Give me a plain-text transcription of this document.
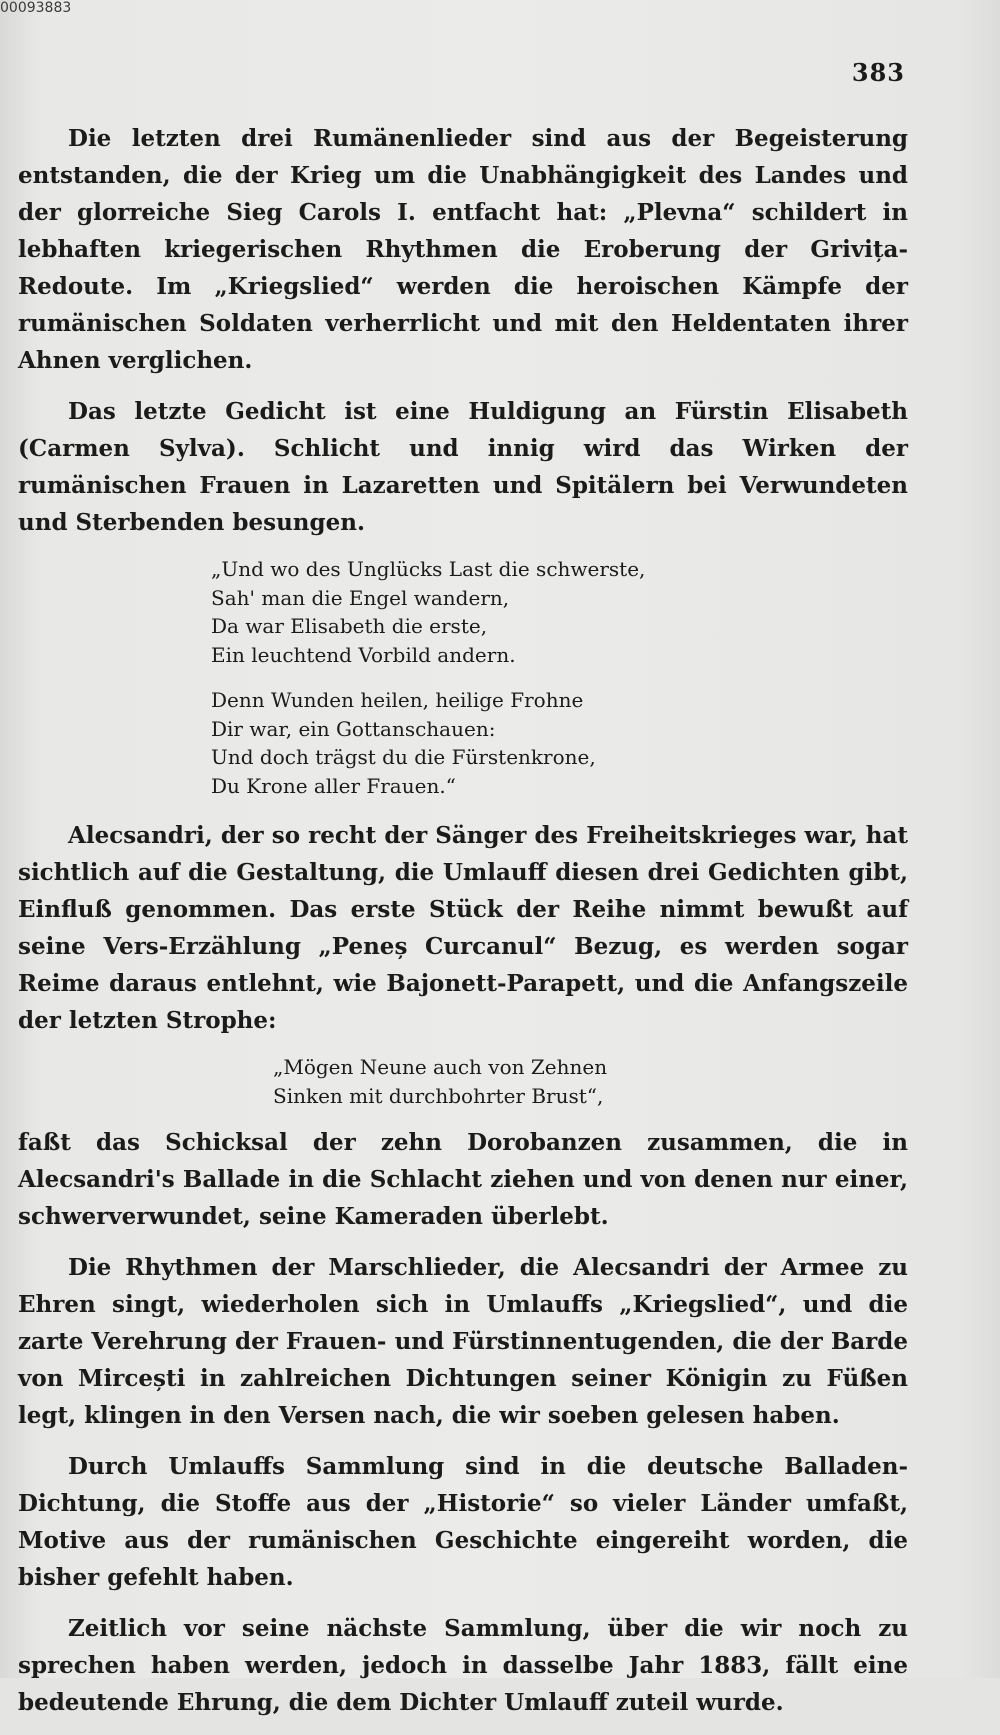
00093883
383

Die letzten drei Rumänenlieder sind aus der Begeisterung entstanden, die der Krieg um die Unabhängigkeit des Landes und der glorreiche Sieg Carols I. entfacht hat: „Plevna“ schildert in lebhaften kriegerischen Rhythmen die Eroberung der Grivița-Redoute. Im „Kriegslied“ werden die heroischen Kämpfe der rumänischen Soldaten verherrlicht und mit den Heldentaten ihrer Ahnen verglichen.

Das letzte Gedicht ist eine Huldigung an Fürstin Elisabeth (Carmen Sylva). Schlicht und innig wird das Wirken der rumänischen Frauen in Lazaretten und Spitälern bei Verwundeten und Sterbenden besungen.

„Und wo des Unglücks Last die schwerste,
Sah' man die Engel wandern,
Da war Elisabeth die erste,
Ein leuchtend Vorbild andern.
Denn Wunden heilen, heilige Frohne
Dir war, ein Gottanschauen:
Und doch trägst du die Fürstenkrone,
Du Krone aller Frauen.“

Alecsandri, der so recht der Sänger des Freiheitskrieges war, hat sichtlich auf die Gestaltung, die Umlauff diesen drei Gedichten gibt, Einfluß genommen. Das erste Stück der Reihe nimmt bewußt auf seine Vers-Erzählung „Peneș Curcanul“ Bezug, es werden sogar Reime daraus entlehnt, wie Bajonett-Parapett, und die Anfangszeile der letzten Strophe:

„Mögen Neune auch von Zehnen
Sinken mit durchbohrter Brust“,

faßt das Schicksal der zehn Dorobanzen zusammen, die in Alecsandri's Ballade in die Schlacht ziehen und von denen nur einer, schwerverwundet, seine Kameraden überlebt.

Die Rhythmen der Marschlieder, die Alecsandri der Armee zu Ehren singt, wiederholen sich in Umlauffs „Kriegslied“, und die zarte Verehrung der Frauen- und Fürstinnentugenden, die der Barde von Mircești in zahlreichen Dichtungen seiner Königin zu Füßen legt, klingen in den Versen nach, die wir soeben gelesen haben.

Durch Umlauffs Sammlung sind in die deutsche Balladen-Dichtung, die Stoffe aus der „Historie“ so vieler Länder umfaßt, Motive aus der rumänischen Geschichte eingereiht worden, die bisher gefehlt haben.

Zeitlich vor seine nächste Sammlung, über die wir noch zu sprechen haben werden, jedoch in dasselbe Jahr 1883, fällt eine bedeutende Ehrung, die dem Dichter Umlauff zuteil wurde.
